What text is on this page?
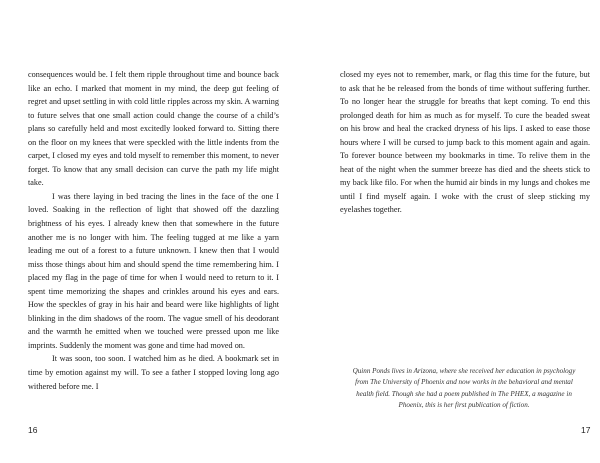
consequences would be. I felt them ripple throughout time and bounce back like an echo. I marked that moment in my mind, the deep gut feeling of regret and upset settling in with cold little ripples across my skin. A warning to future selves that one small action could change the course of a child’s plans so carefully held and most excitedly looked forward to. Sitting there on the floor on my knees that were speckled with the little indents from the carpet, I closed my eyes and told myself to remember this moment, to never forget. To know that any small decision can curve the path my life might take.

I was there laying in bed tracing the lines in the face of the one I loved. Soaking in the reflection of light that showed off the dazzling brightness of his eyes. I already knew then that somewhere in the future another me is no longer with him. The feeling tugged at me like a yarn leading me out of a forest to a future unknown. I knew then that I would miss those things about him and should spend the time remembering him. I placed my flag in the page of time for when I would need to return to it. I spent time memorizing the shapes and crinkles around his eyes and ears. How the speckles of gray in his hair and beard were like highlights of light blinking in the dim shadows of the room. The vague smell of his deodorant and the warmth he emitted when we touched were pressed upon me like imprints. Suddenly the moment was gone and time had moved on.

It was soon, too soon. I watched him as he died. A bookmark set in time by emotion against my will. To see a father I stopped loving long ago withered before me. I

16

closed my eyes not to remember, mark, or flag this time for the future, but to ask that he be released from the bonds of time without suffering further. To no longer hear the struggle for breaths that kept coming. To end this prolonged death for him as much as for myself. To cure the beaded sweat on his brow and heal the cracked dryness of his lips. I asked to ease those hours where I will be cursed to jump back to this moment again and again. To forever bounce between my bookmarks in time. To relive them in the heat of the night when the summer breeze has died and the sheets stick to my back like filo. For when the humid air binds in my lungs and chokes me until I find myself again. I woke with the crust of sleep sticking my eyelashes together.

Quinn Ponds lives in Arizona, where she received her education in psychology from The University of Phoenix and now works in the behavioral and mental health field. Though she had a poem published in The PHEX, a magazine in Phoenix, this is her first publication of fiction.
17
